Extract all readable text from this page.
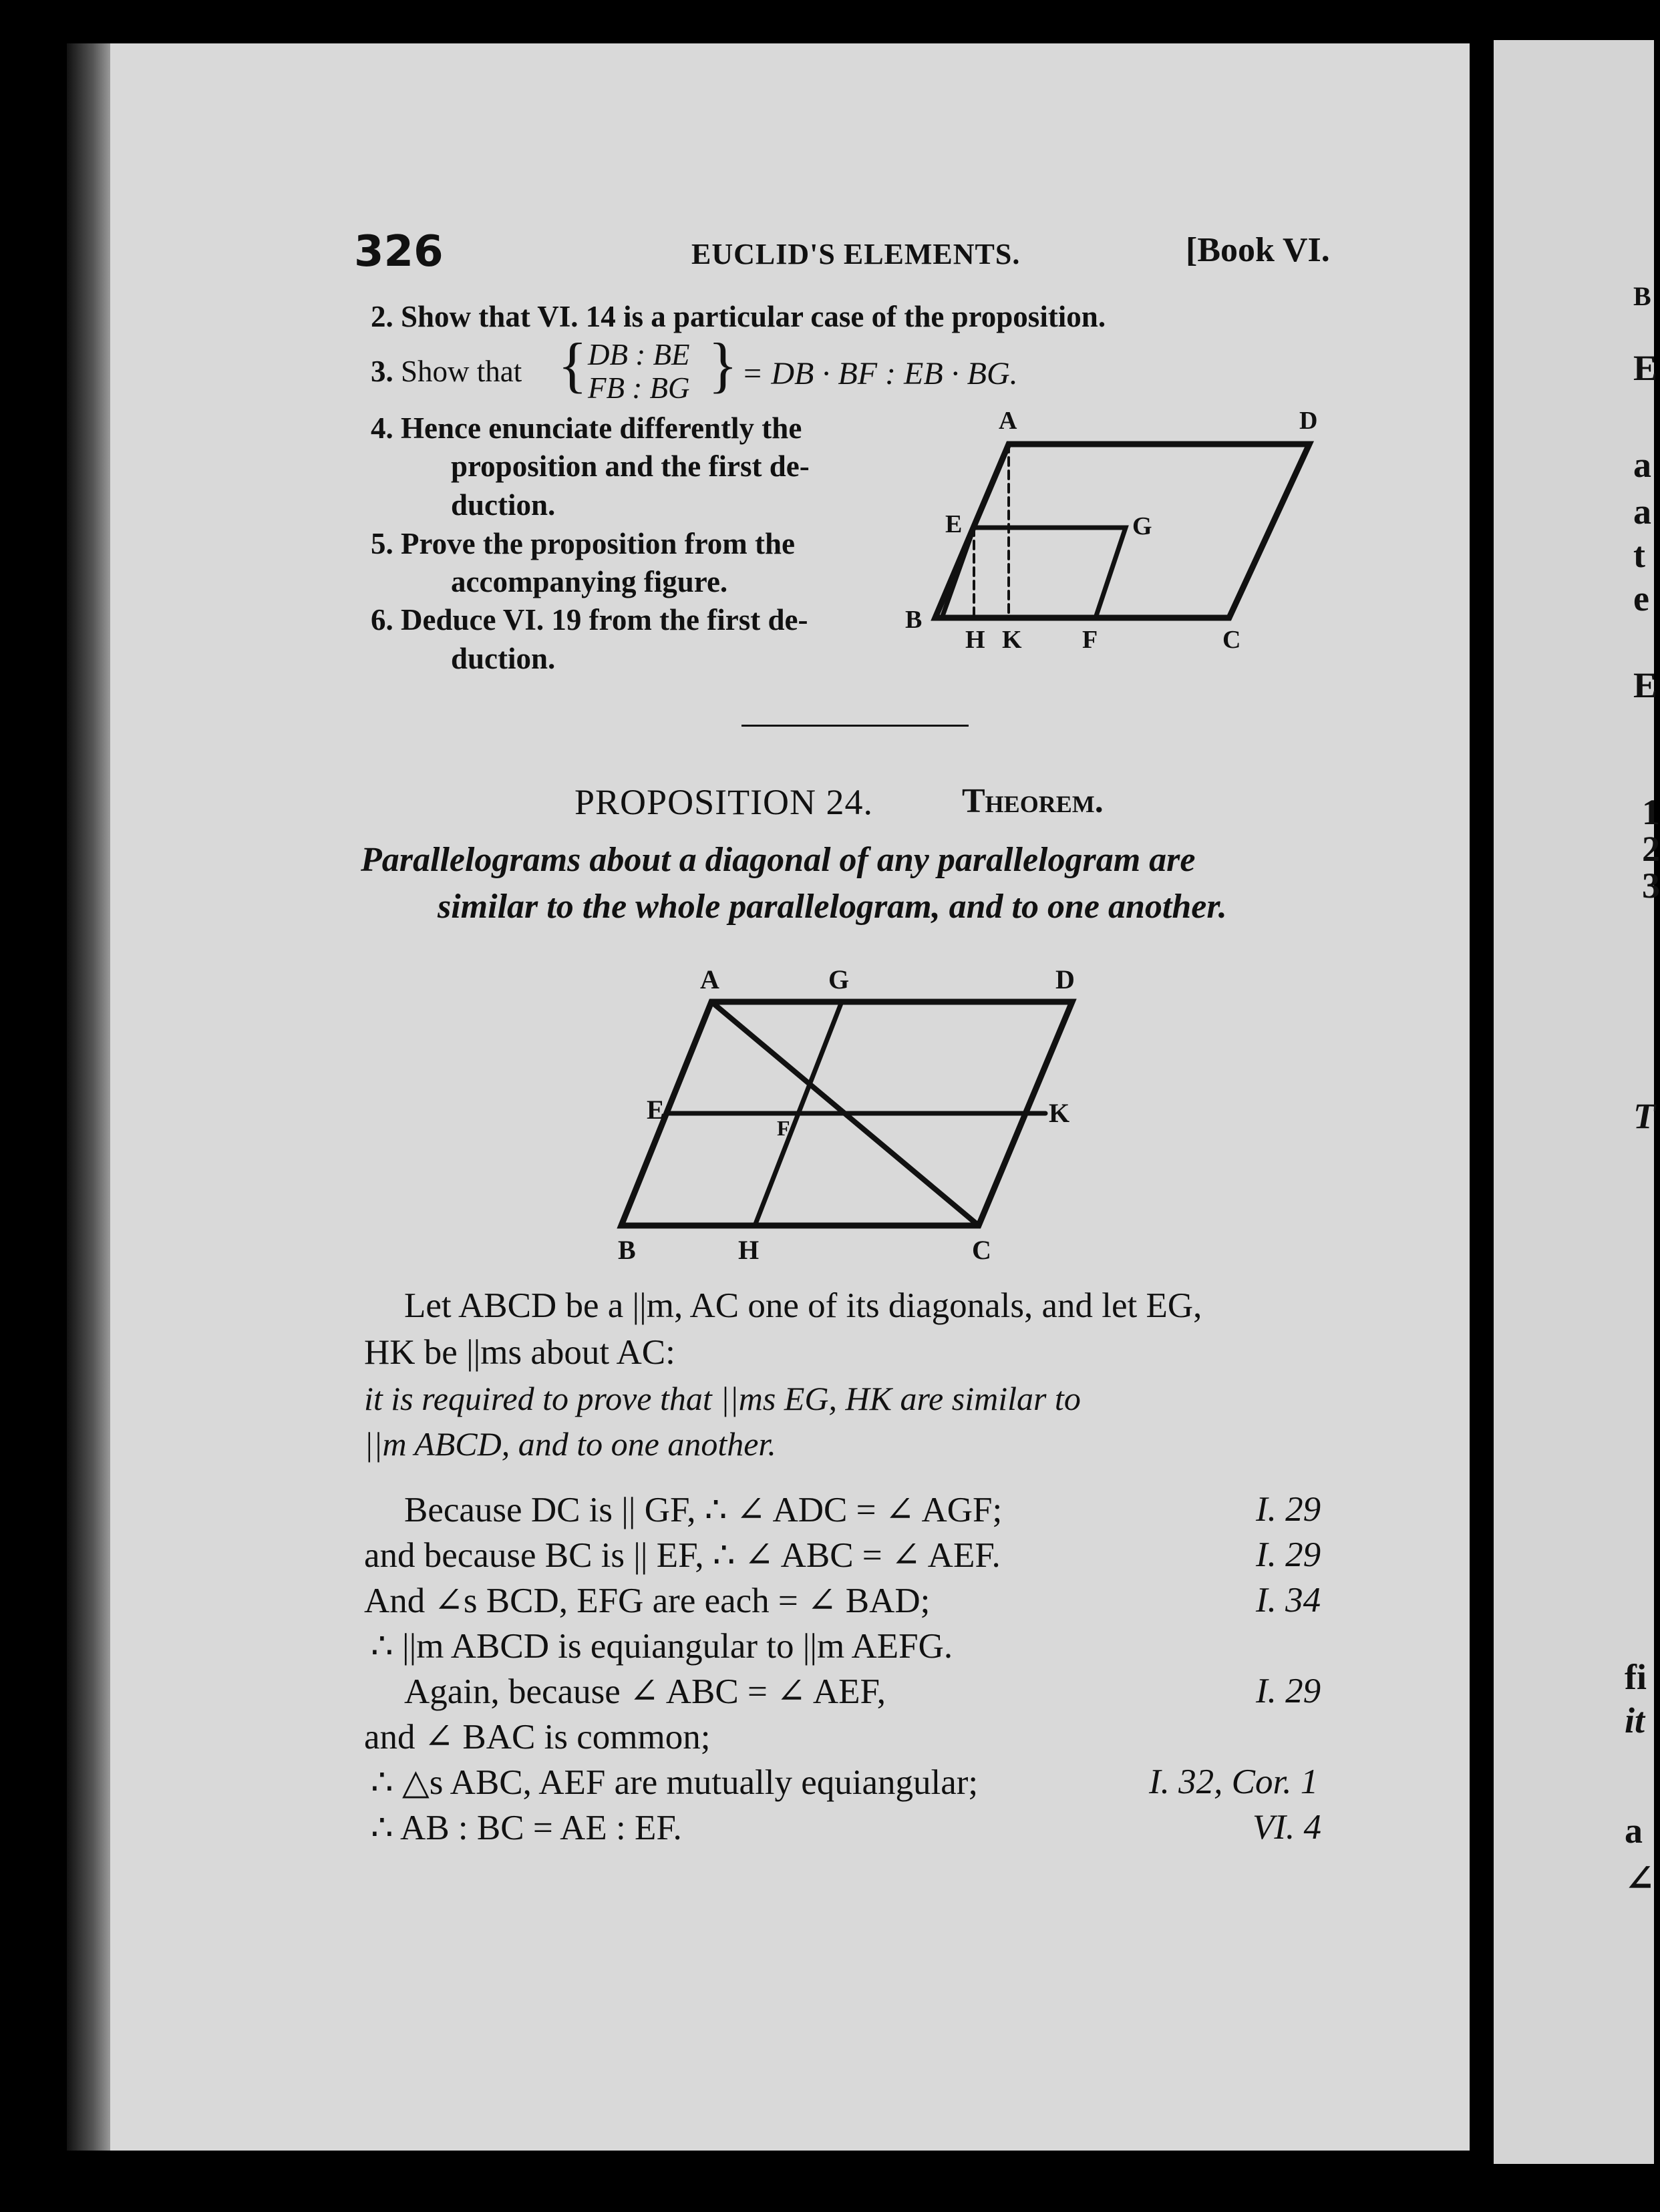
326	EUCLID'S ELEMENTS.	[Book VI.
2. Show that VI. 14 is a particular case of the proposition.
3. Show that { DB : BE
FB : BG } = DB · BF : EB · BG.
4. Hence enunciate differently the
proposition and the first de-
duction.
5. Prove the proposition from the
accompanying figure.
6. Deduce VI. 19 from the first de-
duction.
A	D
E	G
B
H K F	C
PROPOSITION 24.	Theorem.
Parallelograms about a diagonal of any parallelogram are
similar to the whole parallelogram, and to one another.
A	G	D
E
F	K
B	H	C
Let ABCD be a ||m, AC one of its diagonals, and let EG,
HK be ||ms about AC:
it is required to prove that ||ms EG, HK are similar to
||m ABCD, and to one another.
Because DC is || GF, ∴ ∠ ADC = ∠ AGF;	I. 29
and because BC is || EF, ∴ ∠ ABC = ∠ AEF.	I. 29
And ∠s BCD, EFG are each = ∠ BAD;	I. 34
∴ ||m ABCD is equiangular to ||m AEFG.
Again, because ∠ ABC = ∠ AEF,	I. 29
and ∠ BAC is common;
∴ △s ABC, AEF are mutually equiangular;	I. 32, Cor. 1
∴ AB : BC = AE : EF.	VI. 4
B
E
a
a
t
e
E
1
2
3
T
fi
it
a
∠
